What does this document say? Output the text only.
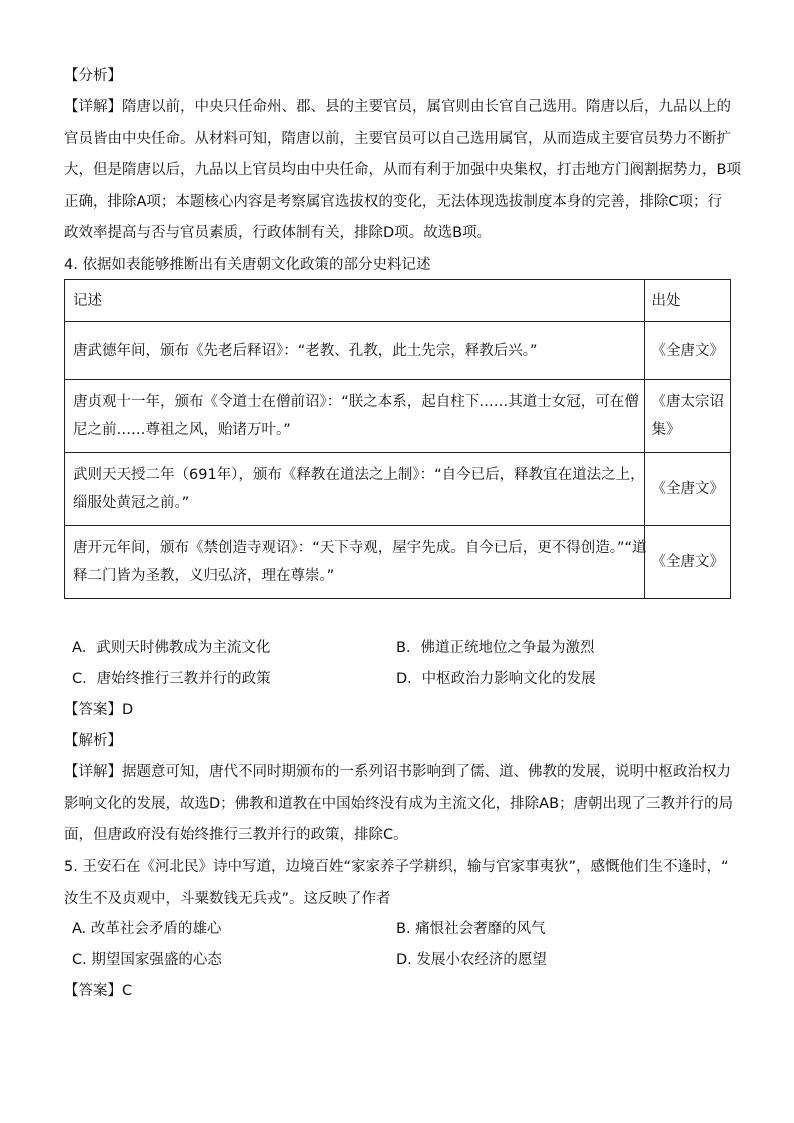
【分析】
【详解】隋唐以前，中央只任命州、郡、县的主要官员，属官则由长官自己选用。隋唐以后，九品以上的
官员皆由中央任命。从材料可知，隋唐以前，主要官员可以自己选用属官，从而造成主要官员势力不断扩
大，但是隋唐以后，九品以上官员均由中央任命，从而有利于加强中央集权，打击地方门阀割据势力，B项
正确，排除A项；本题核心内容是考察属官选拔权的变化，无法体现选拔制度本身的完善，排除C项；行
政效率提高与否与官员素质，行政体制有关，排除D项。故选B项。
4. 依据如表能够推断出有关唐朝文化政策的部分史料记述
记述	出处

唐武德年间，颁布《先老后释诏》：“老教、孔教，此土先宗，释教后兴。”	《全唐文》

唐贞观十一年，颁布《令道士在僧前诏》：“朕之本系，起自柱下……其道士女冠，可在僧
尼之前……尊祖之风，贻诸万叶。”	《唐太宗诏
集》

武则天天授二年（691年），颁布《释教在道法之上制》：“自今已后，释教宜在道法之上，
缁服处黄冠之前。”	《全唐文》

唐开元年间，颁布《禁创造寺观诏》：“天下寺观，屋宇先成。自今已后，更不得创造。”“道
释二门皆为圣教，义归弘济，理在尊崇。”	《全唐文》
A．武则天时佛教成为主流文化	B．佛道正统地位之争最为激烈
C．唐始终推行三教并行的政策	D．中枢政治力影响文化的发展
【答案】D
【解析】
【详解】据题意可知，唐代不同时期颁布的一系列诏书影响到了儒、道、佛教的发展，说明中枢政治权力
影响文化的发展，故选D；佛教和道教在中国始终没有成为主流文化，排除AB；唐朝出现了三教并行的局
面，但唐政府没有始终推行三教并行的政策，排除C。
5. 王安石在《河北民》诗中写道，边境百姓“家家养子学耕织，输与官家事夷狄”，感慨他们生不逢时，“
汝生不及贞观中，斗粟数钱无兵戎”。这反映了作者
A. 改革社会矛盾的雄心	B. 痛恨社会奢靡的风气
C. 期望国家强盛的心态	D. 发展小农经济的愿望
【答案】C
